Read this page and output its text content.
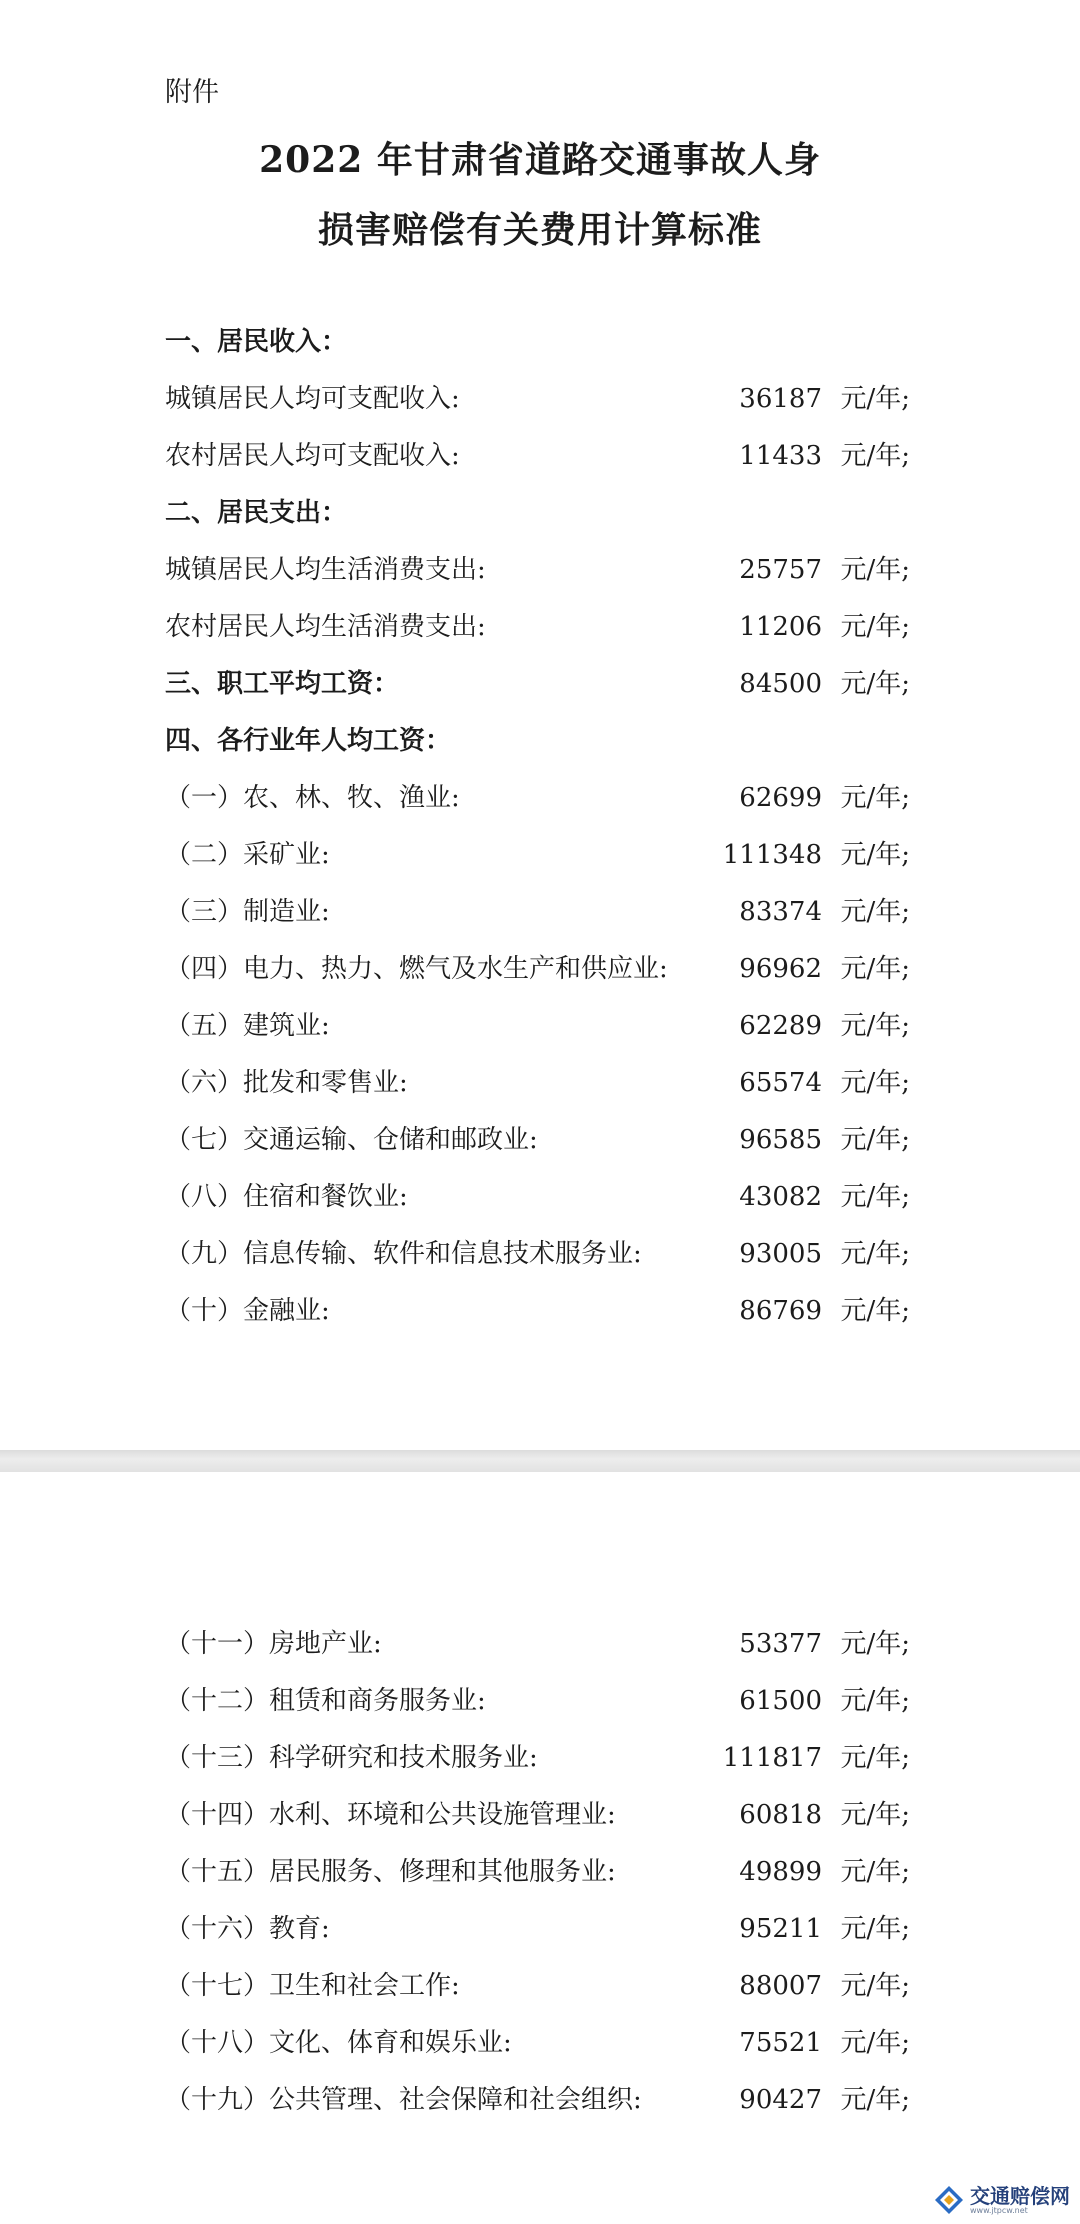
附件
2022 年甘肃省道路交通事故人身
损害赔偿有关费用计算标准
一、居民收入：
城镇居民人均可支配收入:	36187 元/年;
农村居民人均可支配收入:	11433 元/年;
二、居民支出：
城镇居民人均生活消费支出:	25757 元/年;
农村居民人均生活消费支出:	11206 元/年;
三、职工平均工资：	84500 元/年;
四、各行业年人均工资：
（一）农、林、牧、渔业:	62699 元/年;
（二）采矿业:	111348 元/年;
（三）制造业:	83374 元/年;
（四）电力、热力、燃气及水生产和供应业:	96962 元/年;
（五）建筑业:	62289 元/年;
（六）批发和零售业:	65574 元/年;
（七）交通运输、仓储和邮政业:	96585 元/年;
（八）住宿和餐饮业:	43082 元/年;
（九）信息传输、软件和信息技术服务业:	93005 元/年;
（十）金融业:	86769 元/年;
（十一）房地产业:	53377 元/年;
（十二）租赁和商务服务业:	61500 元/年;
（十三）科学研究和技术服务业:	111817 元/年;
（十四）水利、环境和公共设施管理业:	60818 元/年;
（十五）居民服务、修理和其他服务业:	49899 元/年;
（十六）教育:	95211 元/年;
（十七）卫生和社会工作:	88007 元/年;
（十八）文化、体育和娱乐业:	75521 元/年;
（十九）公共管理、社会保障和社会组织:	90427 元/年;
交通赔偿网
www.jtpcw.net
